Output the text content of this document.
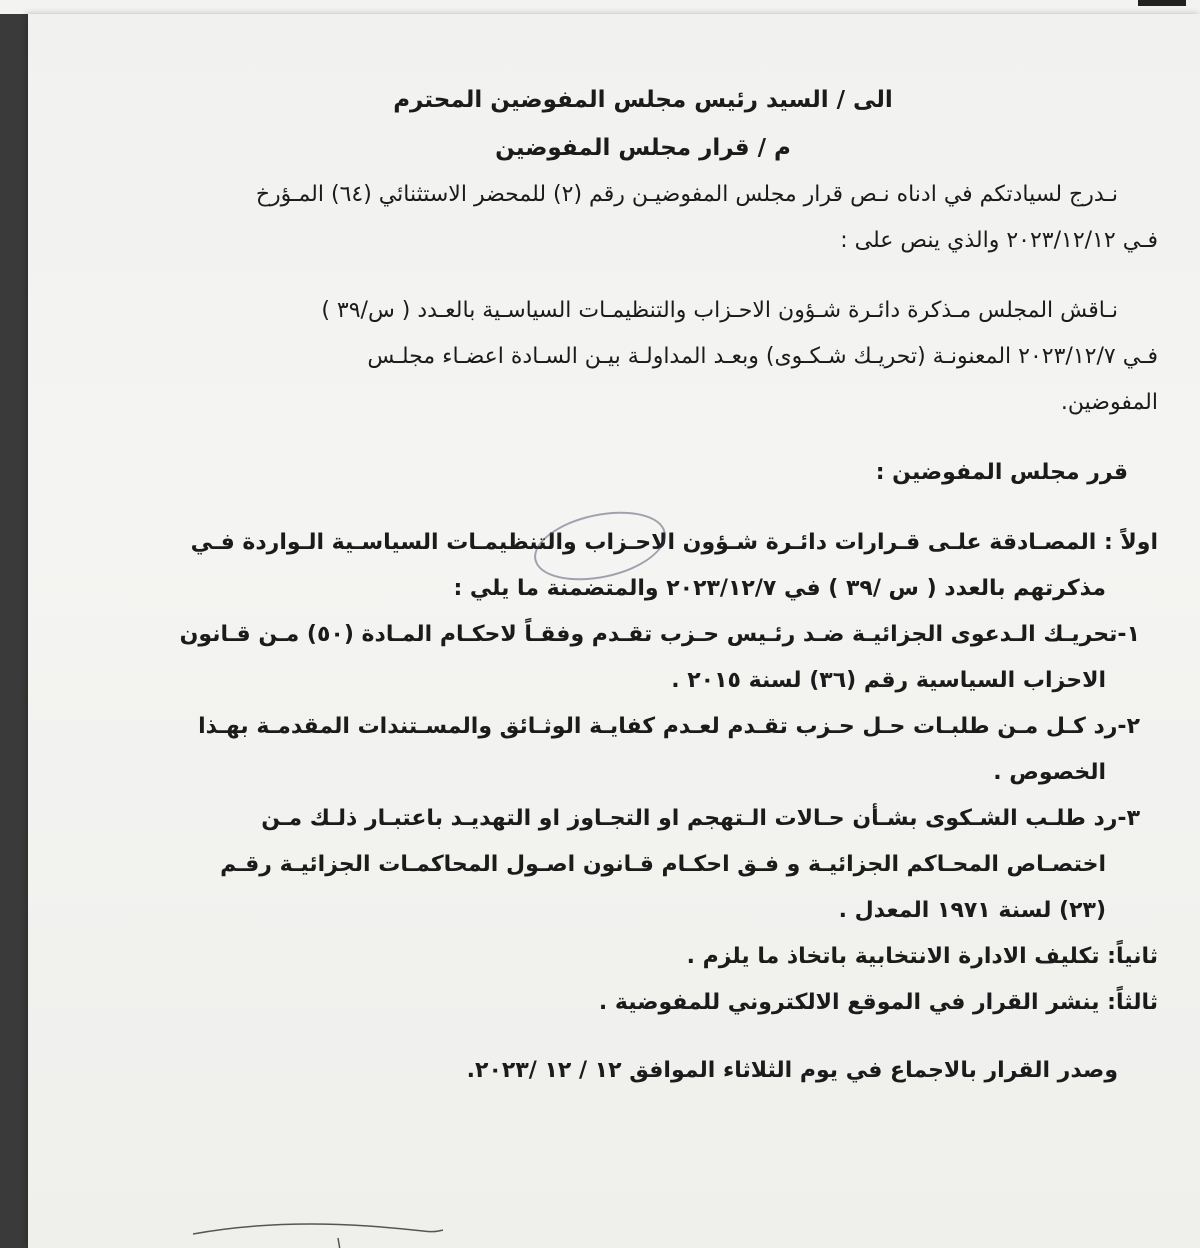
الى / السيد رئيس مجلس المفوضين المحترم
م / قرار مجلس المفوضين

نـدرج لسيادتكم في ادناه نـص قرار مجلس المفوضيـن رقم (٢) للمحضر الاستثنائي (٦٤) المـؤرخ

فـي ٢٠٢٣/١٢/١٢ والذي ينص على :

نـاقش المجلس مـذكرة دائـرة شـؤون الاحـزاب والتنظيمـات السياسـية بالعـدد ( س/٣٩ )

فـي ٢٠٢٣/١٢/٧ المعنونـة (تحريـك شـكـوى) وبعـد المداولـة بيـن السـادة اعضـاء مجلـس

المفوضين.

قرر مجلس المفوضين :

اولاً : المصـادقة علـى قـرارات دائـرة شـؤون الاحـزاب والتنظيمـات السياسـية الـواردة فـي

مذكرتهم بالعدد ( س /٣٩ ) في ٢٠٢٣/١٢/٧ والمتضمنة ما يلي :

١-تحريـك الـدعوى الجزائيـة ضـد رئـيس حـزب تقـدم وفقـاً لاحكـام المـادة (٥٠) مـن قـانون

الاحزاب السياسية رقم (٣٦) لسنة ٢٠١٥ .

٢-رد كـل مـن طلبـات حـل حـزب تقـدم لعـدم كفايـة الوثـائق والمسـتندات المقدمـة بهـذا

الخصوص .

٣-رد طلـب الشـكوى بشـأن حـالات الـتهجم او التجـاوز او التهديـد باعتبـار ذلـك مـن

اختصـاص المحـاكم الجزائيـة و فـق احكـام قـانون اصـول المحاكمـات الجزائيـة رقـم

(٢٣) لسنة ١٩٧١ المعدل .

ثانياً: تكليف الادارة الانتخابية باتخاذ ما يلزم .

ثالثاً: ينشر القرار في الموقع الالكتروني للمفوضية .

وصدر القرار بالاجماع في يوم الثلاثاء الموافق ١٢ / ١٢ /٢٠٢٣.
